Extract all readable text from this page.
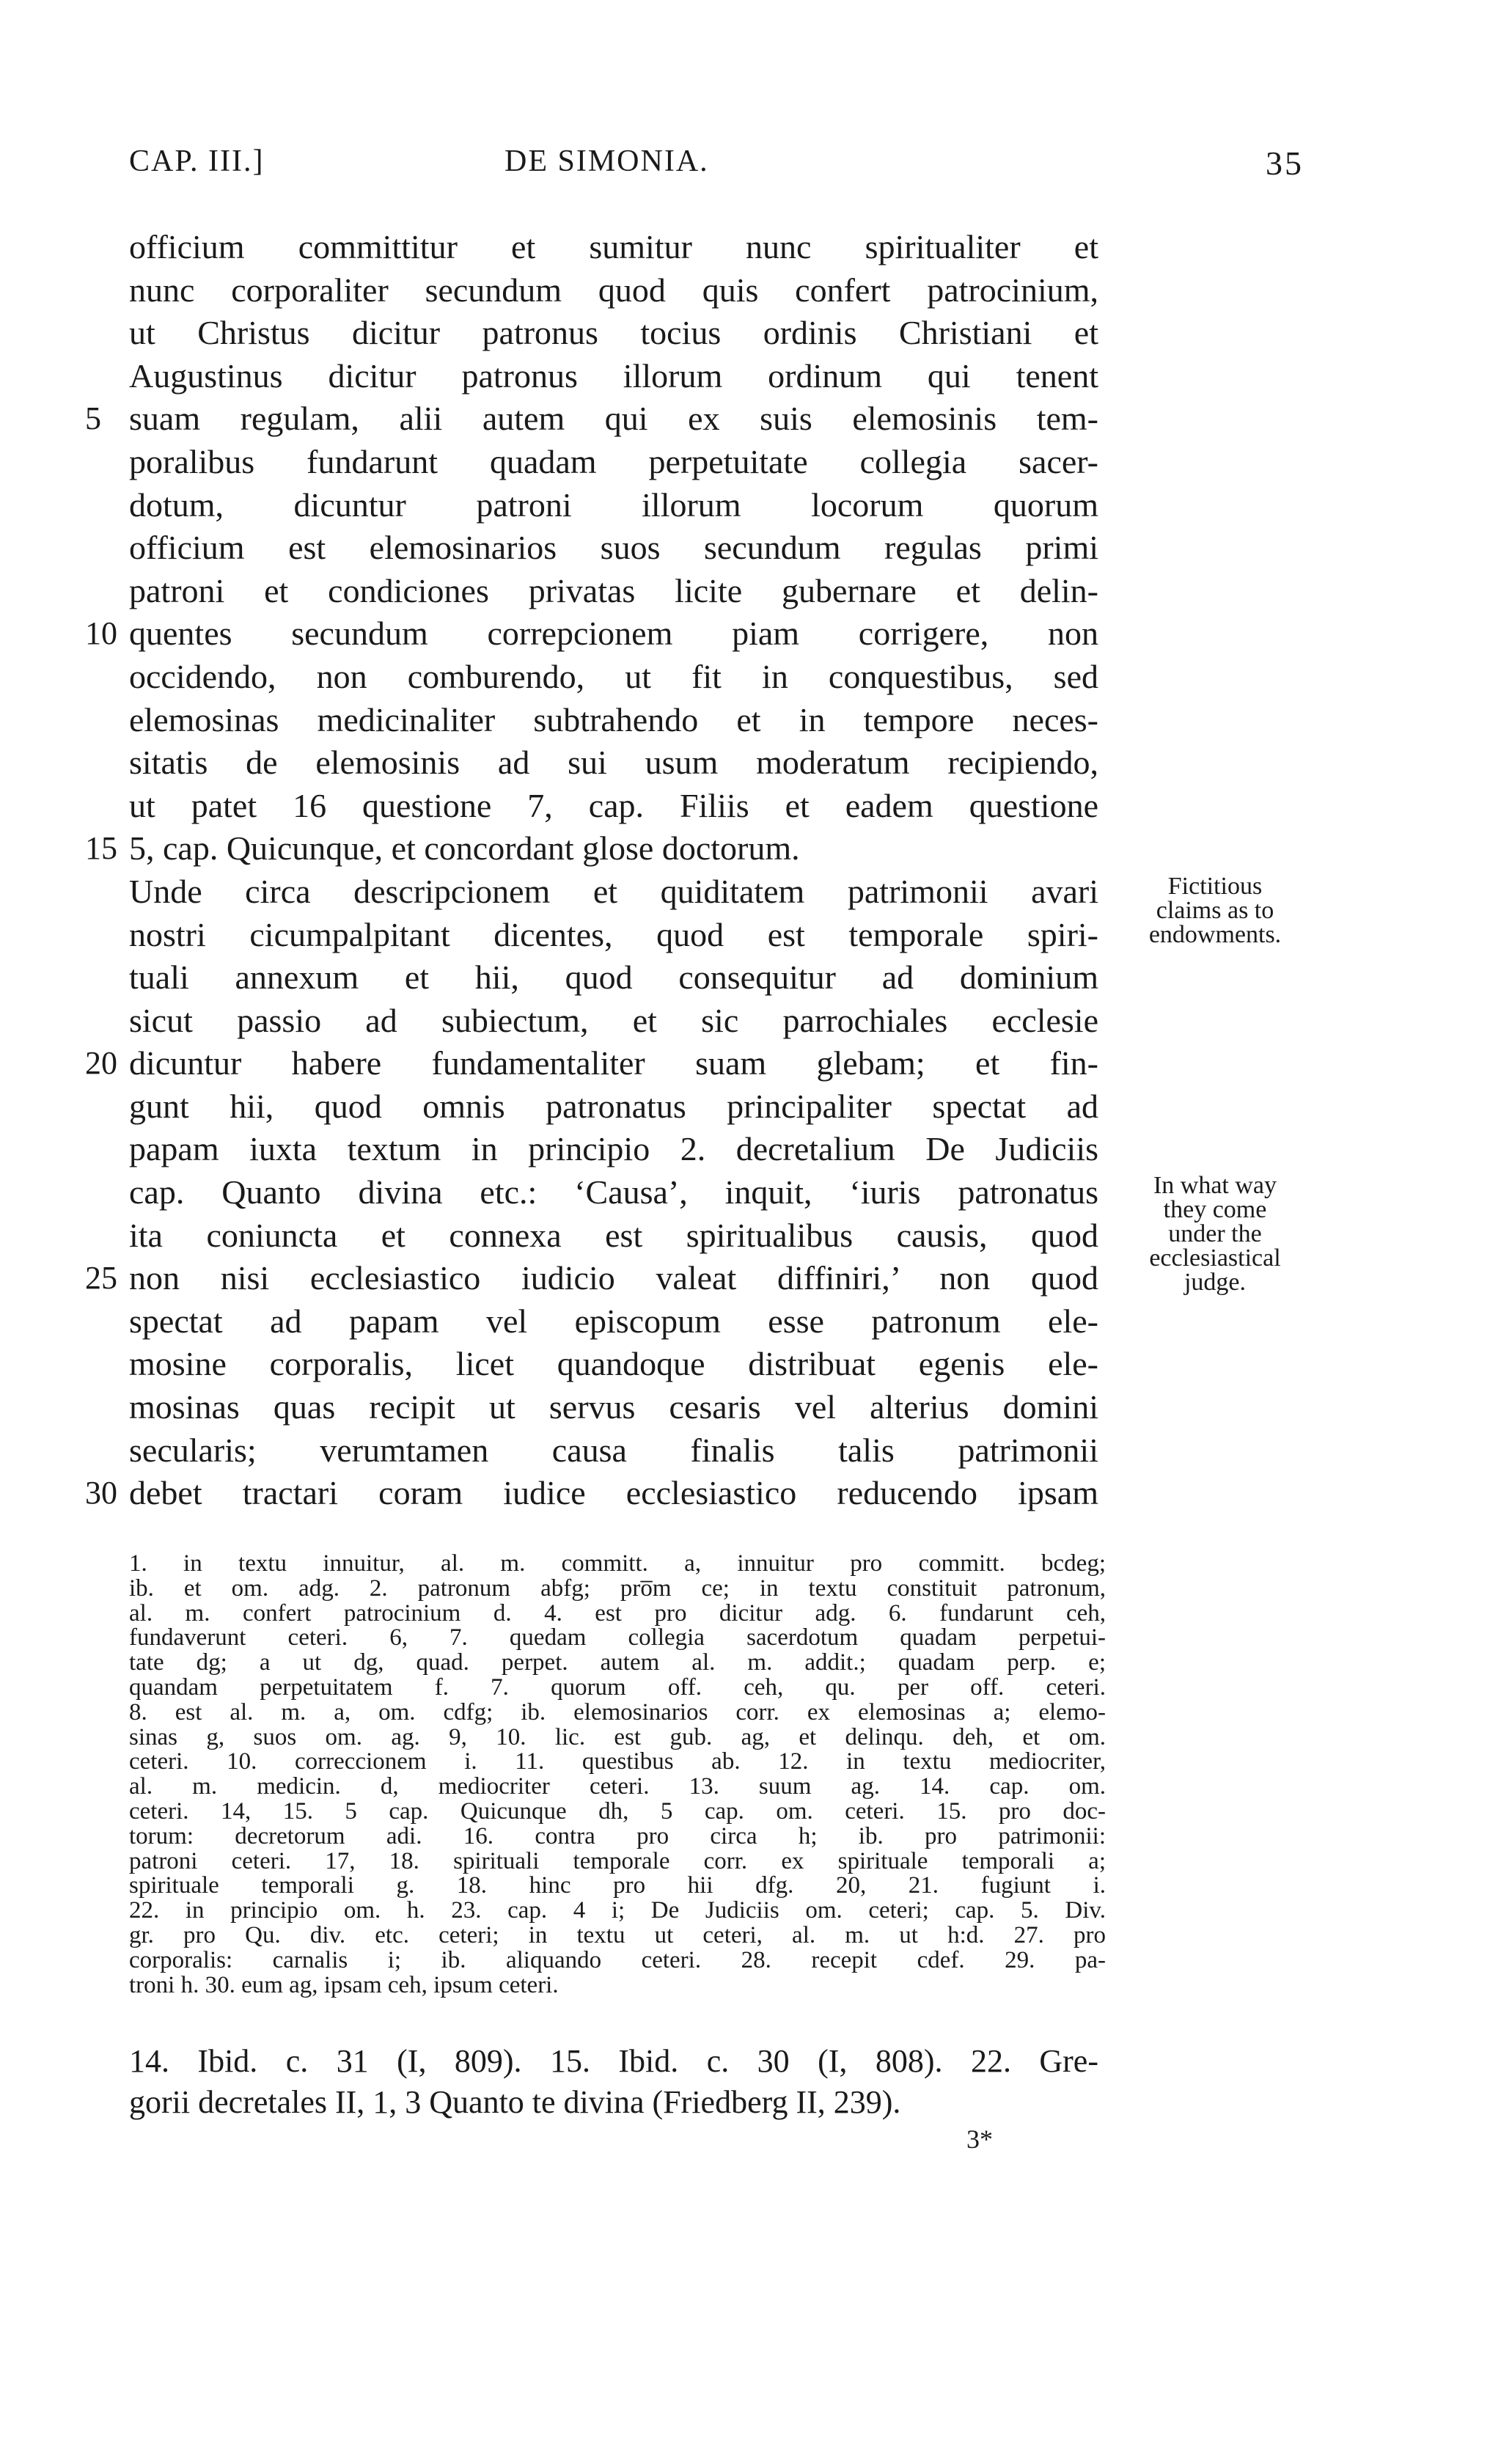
CAP. III.]	DE SIMONIA.	35
officium committitur et sumitur nunc spiritualiter et
nunc corporaliter secundum quod quis confert patrocinium,
ut Christus dicitur patronus tocius ordinis Christiani et
Augustinus dicitur patronus illorum ordinum qui tenent
5 suam regulam, alii autem qui ex suis elemosinis tem-
poralibus fundarunt quadam perpetuitate collegia sacer-
dotum, dicuntur patroni illorum locorum quorum
officium est elemosinarios suos secundum regulas primi
patroni et condiciones privatas licite gubernare et delin-
10 quentes secundum correpcionem piam corrigere, non
occidendo, non comburendo, ut fit in conquestibus, sed
elemosinas medicinaliter subtrahendo et in tempore neces-
sitatis de elemosinis ad sui usum moderatum recipiendo,
ut patet 16 questione 7, cap. Filiis et eadem questione
15 5, cap. Quicunque, et concordant glose doctorum.
Unde circa descripcionem et quiditatem patrimonii avari
nostri cicumpalpitant dicentes, quod est temporale spiri-
tuali annexum et hii, quod consequitur ad dominium
sicut passio ad subiectum, et sic parrochiales ecclesie
20 dicuntur habere fundamentaliter suam glebam; et fin-
gunt hii, quod omnis patronatus principaliter spectat ad
papam iuxta textum in principio 2. decretalium De Judiciis
cap. Quanto divina etc.: ‘Causa’, inquit, ‘iuris patronatus
ita coniuncta et connexa est spiritualibus causis, quod
25 non nisi ecclesiastico iudicio valeat diffiniri,’ non quod
spectat ad papam vel episcopum esse patronum ele-
mosine corporalis, licet quandoque distribuat egenis ele-
mosinas quas recipit ut servus cesaris vel alterius domini
secularis; verumtamen causa finalis talis patrimonii
30 debet tractari coram iudice ecclesiastico reducendo ipsam
Fictitious
claims as to
endowments.
In what way
they come
under the
ecclesiastical
judge.
1. in textu innuitur, al. m. committ. a, innuitur pro committ. bcdeg;
ib. et om. adg. 2. patronum abfg; pro̅m ce; in textu constituit patronum,
al. m. confert patrocinium d. 4. est pro dicitur adg. 6. fundarunt ceh,
fundaverunt ceteri. 6, 7. quedam collegia sacerdotum quadam perpetui-
tate dg; a ut dg, quad. perpet. autem al. m. addit.; quadam perp. e;
quandam perpetuitatem f. 7. quorum off. ceh, qu. per off. ceteri.
8. est al. m. a, om. cdfg; ib. elemosinarios corr. ex elemosinas a; elemo-
sinas g, suos om. ag. 9, 10. lic. est gub. ag, et delinqu. deh, et om.
ceteri. 10. correccionem i. 11. questibus ab. 12. in textu mediocriter,
al. m. medicin. d, mediocriter ceteri. 13. suum ag. 14. cap. om.
ceteri. 14, 15. 5 cap. Quicunque dh, 5 cap. om. ceteri. 15. pro doc-
torum: decretorum adi. 16. contra pro circa h; ib. pro patrimonii:
patroni ceteri. 17, 18. spirituali temporale corr. ex spirituale temporali a;
spirituale temporali g. 18. hinc pro hii dfg. 20, 21. fugiunt i.
22. in principio om. h. 23. cap. 4 i; De Judiciis om. ceteri; cap. 5. Div.
gr. pro Qu. div. etc. ceteri; in textu ut ceteri, al. m. ut h:d. 27. pro
corporalis: carnalis i; ib. aliquando ceteri. 28. recepit cdef. 29. pa-
troni h. 30. eum ag, ipsam ceh, ipsum ceteri.
14. Ibid. c. 31 (I, 809). 15. Ibid. c. 30 (I, 808). 22. Gre-
gorii decretales II, 1, 3 Quanto te divina (Friedberg II, 239).
3*
